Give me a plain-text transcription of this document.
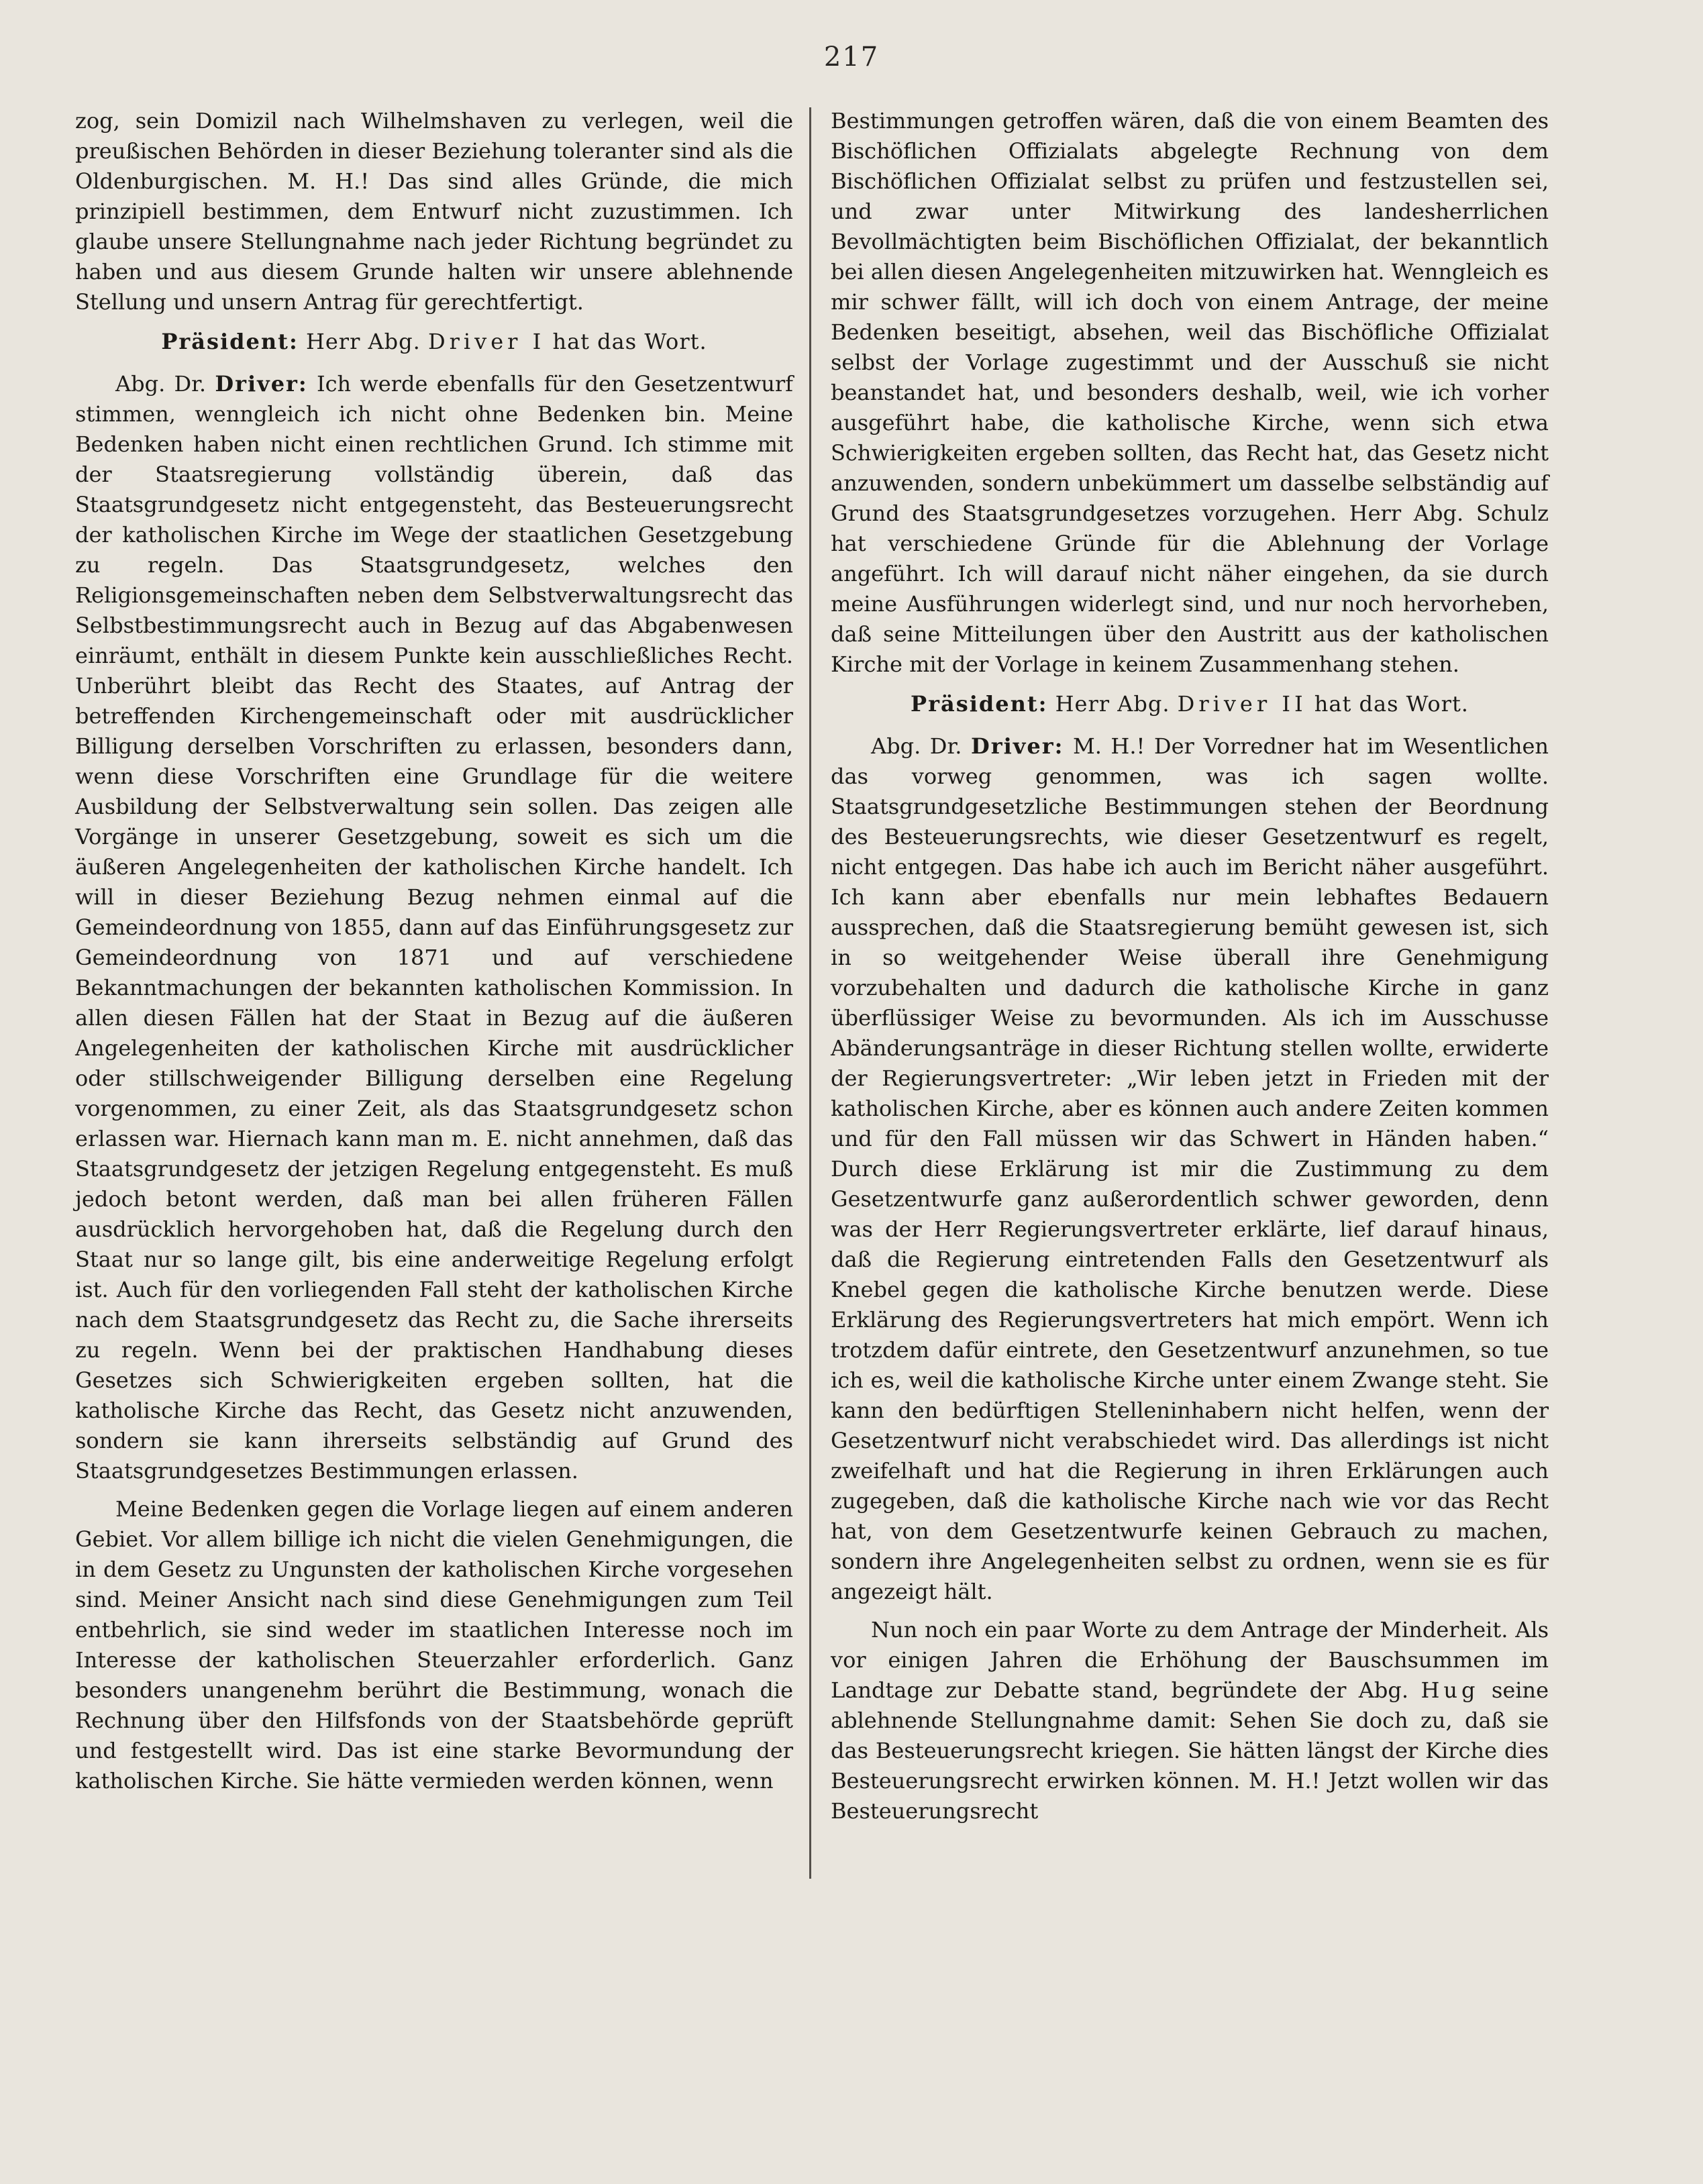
217

zog, sein Domizil nach Wilhelmshaven zu verlegen, weil die preußischen Behörden in dieser Beziehung toleranter sind als die Oldenburgischen. M. H.! Das sind alles Gründe, die mich prinzipiell bestimmen, dem Entwurf nicht zuzustimmen. Ich glaube unsere Stellungnahme nach jeder Richtung begründet zu haben und aus diesem Grunde halten wir unsere ablehnende Stellung und unsern Antrag für gerechtfertigt.

Präsident: Herr Abg. Driver I hat das Wort.

Abg. Dr. Driver: Ich werde ebenfalls für den Gesetzentwurf stimmen, wenngleich ich nicht ohne Bedenken bin. Meine Bedenken haben nicht einen rechtlichen Grund. Ich stimme mit der Staatsregierung vollständig überein, daß das Staatsgrundgesetz nicht entgegensteht, das Besteuerungsrecht der katholischen Kirche im Wege der staatlichen Gesetzgebung zu regeln. Das Staatsgrundgesetz, welches den Religionsgemeinschaften neben dem Selbstverwaltungsrecht das Selbstbestimmungsrecht auch in Bezug auf das Abgabenwesen einräumt, enthält in diesem Punkte kein ausschließliches Recht. Unberührt bleibt das Recht des Staates, auf Antrag der betreffenden Kirchengemeinschaft oder mit ausdrücklicher Billigung derselben Vorschriften zu erlassen, besonders dann, wenn diese Vorschriften eine Grundlage für die weitere Ausbildung der Selbstverwaltung sein sollen. Das zeigen alle Vorgänge in unserer Gesetzgebung, soweit es sich um die äußeren Angelegenheiten der katholischen Kirche handelt. Ich will in dieser Beziehung Bezug nehmen einmal auf die Gemeindeordnung von 1855, dann auf das Einführungsgesetz zur Gemeindeordnung von 1871 und auf verschiedene Bekanntmachungen der bekannten katholischen Kommission. In allen diesen Fällen hat der Staat in Bezug auf die äußeren Angelegenheiten der katholischen Kirche mit ausdrücklicher oder stillschweigender Billigung derselben eine Regelung vorgenommen, zu einer Zeit, als das Staatsgrundgesetz schon erlassen war. Hiernach kann man m. E. nicht annehmen, daß das Staatsgrundgesetz der jetzigen Regelung entgegensteht. Es muß jedoch betont werden, daß man bei allen früheren Fällen ausdrücklich hervorgehoben hat, daß die Regelung durch den Staat nur so lange gilt, bis eine anderweitige Regelung erfolgt ist. Auch für den vorliegenden Fall steht der katholischen Kirche nach dem Staatsgrundgesetz das Recht zu, die Sache ihrerseits zu regeln. Wenn bei der praktischen Handhabung dieses Gesetzes sich Schwierigkeiten ergeben sollten, hat die katholische Kirche das Recht, das Gesetz nicht anzuwenden, sondern sie kann ihrerseits selbständig auf Grund des Staatsgrundgesetzes Bestimmungen erlassen.

Meine Bedenken gegen die Vorlage liegen auf einem anderen Gebiet. Vor allem billige ich nicht die vielen Genehmigungen, die in dem Gesetz zu Ungunsten der katholischen Kirche vorgesehen sind. Meiner Ansicht nach sind diese Genehmigungen zum Teil entbehrlich, sie sind weder im staatlichen Interesse noch im Interesse der katholischen Steuerzahler erforderlich. Ganz besonders unangenehm berührt die Bestimmung, wonach die Rechnung über den Hilfsfonds von der Staatsbehörde geprüft und festgestellt wird. Das ist eine starke Bevormundung der katholischen Kirche. Sie hätte vermieden werden können, wenn

Bestimmungen getroffen wären, daß die von einem Beamten des Bischöflichen Offizialats abgelegte Rechnung von dem Bischöflichen Offizialat selbst zu prüfen und festzustellen sei, und zwar unter Mitwirkung des landesherrlichen Bevollmächtigten beim Bischöflichen Offizialat, der bekanntlich bei allen diesen Angelegenheiten mitzuwirken hat. Wenngleich es mir schwer fällt, will ich doch von einem Antrage, der meine Bedenken beseitigt, absehen, weil das Bischöfliche Offizialat selbst der Vorlage zugestimmt und der Ausschuß sie nicht beanstandet hat, und besonders deshalb, weil, wie ich vorher ausgeführt habe, die katholische Kirche, wenn sich etwa Schwierigkeiten ergeben sollten, das Recht hat, das Gesetz nicht anzuwenden, sondern unbekümmert um dasselbe selbständig auf Grund des Staatsgrundgesetzes vorzugehen. Herr Abg. Schulz hat verschiedene Gründe für die Ablehnung der Vorlage angeführt. Ich will darauf nicht näher eingehen, da sie durch meine Ausführungen widerlegt sind, und nur noch hervorheben, daß seine Mitteilungen über den Austritt aus der katholischen Kirche mit der Vorlage in keinem Zusammenhang stehen.

Präsident: Herr Abg. Driver II hat das Wort.

Abg. Dr. Driver: M. H.! Der Vorredner hat im Wesentlichen das vorweg genommen, was ich sagen wollte. Staatsgrundgesetzliche Bestimmungen stehen der Beordnung des Besteuerungsrechts, wie dieser Gesetzentwurf es regelt, nicht entgegen. Das habe ich auch im Bericht näher ausgeführt. Ich kann aber ebenfalls nur mein lebhaftes Bedauern aussprechen, daß die Staatsregierung bemüht gewesen ist, sich in so weitgehender Weise überall ihre Genehmigung vorzubehalten und dadurch die katholische Kirche in ganz überflüssiger Weise zu bevormunden. Als ich im Ausschusse Abänderungsanträge in dieser Richtung stellen wollte, erwiderte der Regierungsvertreter: „Wir leben jetzt in Frieden mit der katholischen Kirche, aber es können auch andere Zeiten kommen und für den Fall müssen wir das Schwert in Händen haben.“ Durch diese Erklärung ist mir die Zustimmung zu dem Gesetzentwurfe ganz außerordentlich schwer geworden, denn was der Herr Regierungsvertreter erklärte, lief darauf hinaus, daß die Regierung eintretenden Falls den Gesetzentwurf als Knebel gegen die katholische Kirche benutzen werde. Diese Erklärung des Regierungsvertreters hat mich empört. Wenn ich trotzdem dafür eintrete, den Gesetzentwurf anzunehmen, so tue ich es, weil die katholische Kirche unter einem Zwange steht. Sie kann den bedürftigen Stelleninhabern nicht helfen, wenn der Gesetzentwurf nicht verabschiedet wird. Das allerdings ist nicht zweifelhaft und hat die Regierung in ihren Erklärungen auch zugegeben, daß die katholische Kirche nach wie vor das Recht hat, von dem Gesetzentwurfe keinen Gebrauch zu machen, sondern ihre Angelegenheiten selbst zu ordnen, wenn sie es für angezeigt hält.

Nun noch ein paar Worte zu dem Antrage der Minderheit. Als vor einigen Jahren die Erhöhung der Bauschsummen im Landtage zur Debatte stand, begründete der Abg. Hug seine ablehnende Stellungnahme damit: Sehen Sie doch zu, daß sie das Besteuerungsrecht kriegen. Sie hätten längst der Kirche dies Besteuerungsrecht erwirken können. M. H.! Jetzt wollen wir das Besteuerungsrecht
